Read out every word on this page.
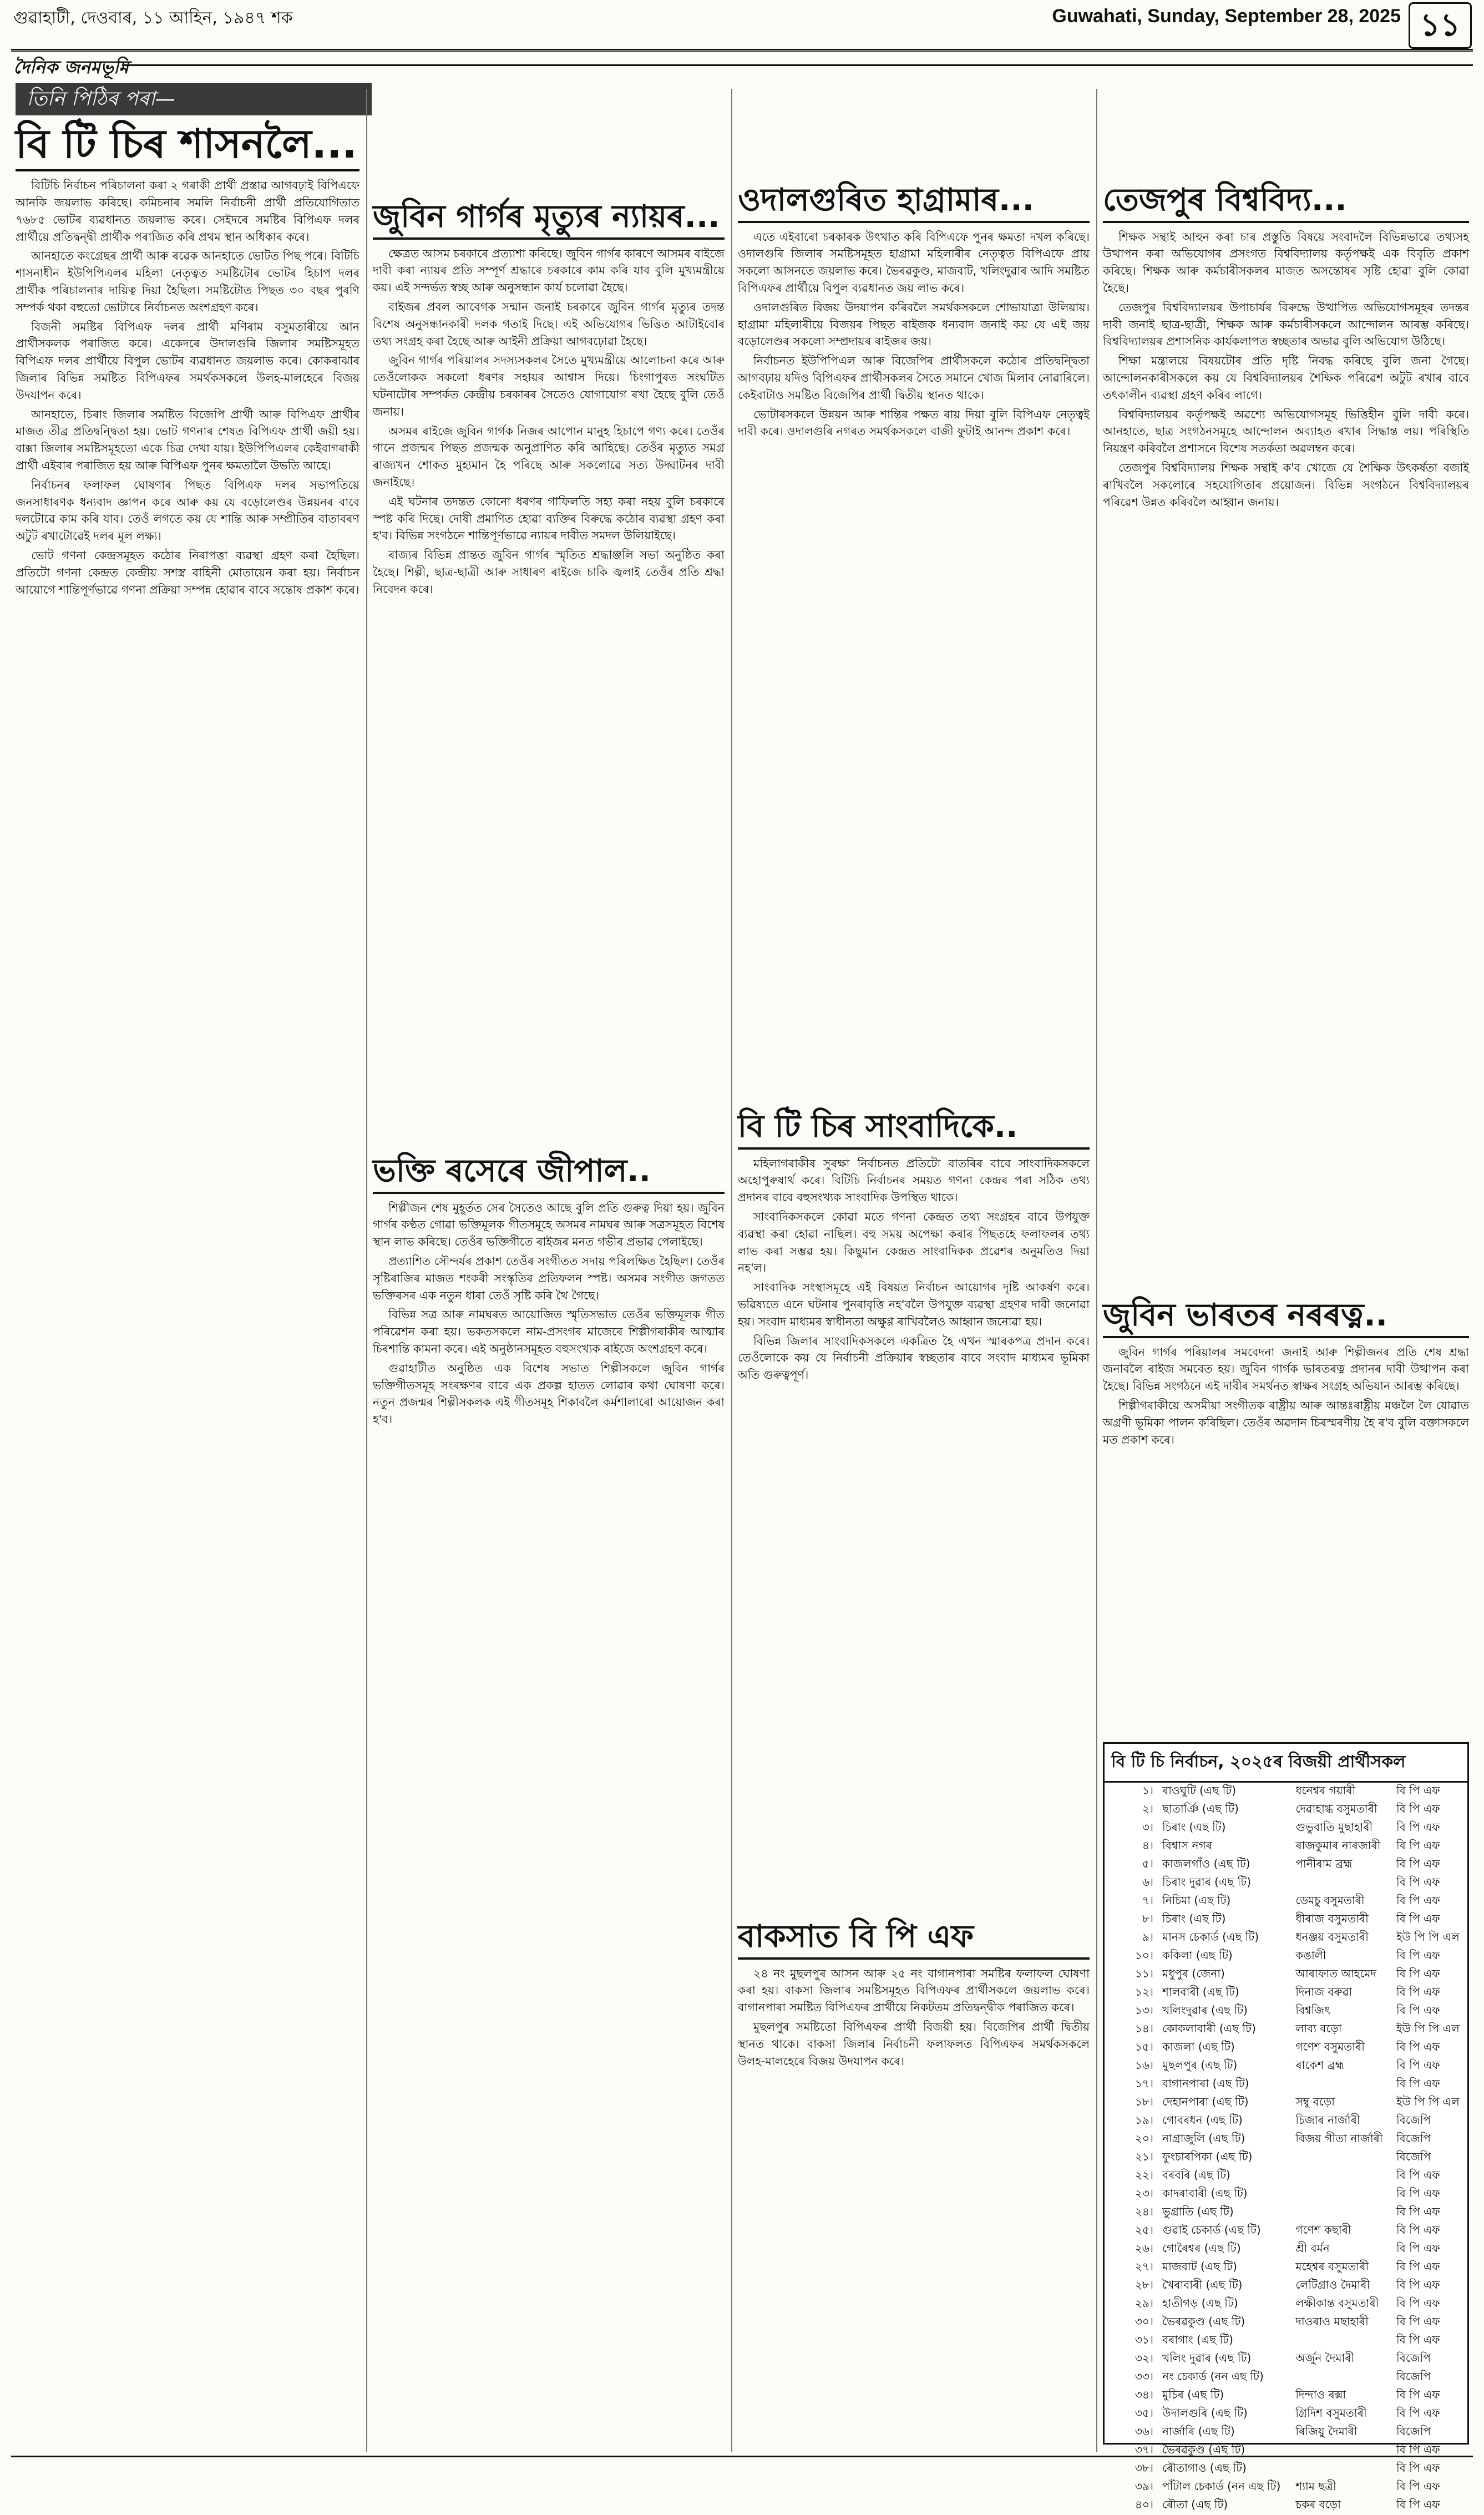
গুৱাহাটী, দেওবাৰ, ১১ আহিন, ১৯৪৭ শক	Guwahati, Sunday, September 28, 2025 ১১
দৈনিক জনমভূমি
তিনি পিঠিৰ পৰা—
বি টি চিৰ শাসনলৈ...

বিটিচি নিৰ্বাচন পৰিচালনা কৰা ২ গৰাকী প্ৰাৰ্থী প্ৰস্তাৱ আগবঢ়াই বিপিএফে আনকি জয়লাভ কৰিছে। কমিচনাৰ সমলি নিৰ্বাচনী প্ৰাৰ্থী প্ৰতিযোগিতাত ৭৬৮৫ ভোটৰ ব্যৱধানত জয়লাভ কৰে। সেইদৰে সমষ্টিৰ বিপিএফ দলৰ প্ৰাৰ্থীয়ে প্ৰতিদ্বন্দ্বী প্ৰাৰ্থীক পৰাজিত কৰি প্ৰথম স্থান অধিকাৰ কৰে।

আনহাতে কংগ্ৰেছৰ প্ৰাৰ্থী আৰু ৰৱেক আনহাতে ভোটত পিছ পৰে। বিটিচি শাসনাধীন ইউপিপিএলৰ মহিলা নেতৃত্বত সমষ্টিটোৰ ভোটৰ হিচাপ দলৰ প্ৰাৰ্থীক পৰিচালনাৰ দায়িত্ব দিয়া হৈছিল। সমষ্টিটোত পিছত ৩০ বছৰ পুৰণি সম্পৰ্ক থকা বহুতো ভোটাৰে নিৰ্বাচনত অংশগ্ৰহণ কৰে।

বিজনী সমষ্টিৰ বিপিএফ দলৰ প্ৰাৰ্থী মণিৰাম বসুমতাৰীয়ে আন প্ৰাৰ্থীসকলক পৰাজিত কৰে। একেদৰে উদালগুৰি জিলাৰ সমষ্টিসমূহত বিপিএফ দলৰ প্ৰাৰ্থীয়ে বিপুল ভোটৰ ব্যৱধানত জয়লাভ কৰে। কোকৰাঝাৰ জিলাৰ বিভিন্ন সমষ্টিত বিপিএফৰ সমৰ্থকসকলে উলহ-মালহেৰে বিজয় উদযাপন কৰে।

আনহাতে, চিৰাং জিলাৰ সমষ্টিত বিজেপি প্ৰাৰ্থী আৰু বিপিএফ প্ৰাৰ্থীৰ মাজত তীব্ৰ প্ৰতিদ্বন্দ্বিতা হয়। ভোট গণনাৰ শেষত বিপিএফ প্ৰাৰ্থী জয়ী হয়। বাক্সা জিলাৰ সমষ্টিসমূহতো একে চিত্ৰ দেখা যায়। ইউপিপিএলৰ কেইবাগৰাকী প্ৰাৰ্থী এইবাৰ পৰাজিত হয় আৰু বিপিএফ পুনৰ ক্ষমতালৈ উভতি আহে।

নিৰ্বাচনৰ ফলাফল ঘোষণাৰ পিছত বিপিএফ দলৰ সভাপতিয়ে জনসাধাৰণক ধন্যবাদ জ্ঞাপন কৰে আৰু কয় যে বড়োলেণ্ডৰ উন্নয়নৰ বাবে দলটোৱে কাম কৰি যাব। তেওঁ লগতে কয় যে শান্তি আৰু সম্প্ৰীতিৰ বাতাবৰণ অটুট ৰখাটোৱেই দলৰ মূল লক্ষ্য।

ভোট গণনা কেন্দ্ৰসমূহত কঠোৰ নিৰাপত্তা ব্যৱস্থা গ্ৰহণ কৰা হৈছিল। প্ৰতিটো গণনা কেন্দ্ৰত কেন্দ্ৰীয় সশস্ত্ৰ বাহিনী মোতায়েন কৰা হয়। নিৰ্বাচন আয়োগে শান্তিপূৰ্ণভাৱে গণনা প্ৰক্ৰিয়া সম্পন্ন হোৱাৰ বাবে সন্তোষ প্ৰকাশ কৰে।

জুবিন গাৰ্গৰ মৃত্যুৰ ন্যায়ৰ...

ক্ষেত্ৰত আসম চৰকাৰে প্ৰত্যাশা কৰিছে। জুবিন গাৰ্গৰ কাৰণে আসমৰ বাইজে দাবী কৰা ন্যায়ৰ প্ৰতি সম্পূৰ্ণ শ্ৰদ্ধাৰে চৰকাৰে কাম কৰি যাব বুলি মুখ্যমন্ত্ৰীয়ে কয়। এই সন্দৰ্ভত স্বচ্ছ আৰু অনুসন্ধান কাৰ্য চলোৱা হৈছে।

বাইজৰ প্ৰবল আবেগক সন্মান জনাই চৰকাৰে জুবিন গাৰ্গৰ মৃত্যুৰ তদন্ত বিশেষ অনুসন্ধানকাৰী দলক গতাই দিছে। এই অভিযোগৰ ভিত্তিত আটাইবোৰ তথ্য সংগ্ৰহ কৰা হৈছে আৰু আইনী প্ৰক্ৰিয়া আগবঢ়োৱা হৈছে।

জুবিন গাৰ্গৰ পৰিয়ালৰ সদস্যসকলৰ সৈতে মুখ্যমন্ত্ৰীয়ে আলোচনা কৰে আৰু তেওঁলোকক সকলো ধৰণৰ সহায়ৰ আশ্বাস দিয়ে। চিংগাপুৰত সংঘটিত ঘটনাটোৰ সম্পৰ্কত কেন্দ্ৰীয় চৰকাৰৰ সৈতেও যোগাযোগ ৰখা হৈছে বুলি তেওঁ জনায়।

অসমৰ ৰাইজে জুবিন গাৰ্গক নিজৰ আপোন মানুহ হিচাপে গণ্য কৰে। তেওঁৰ গানে প্ৰজন্মৰ পিছত প্ৰজন্মক অনুপ্ৰাণিত কৰি আহিছে। তেওঁৰ মৃত্যুত সমগ্ৰ ৰাজ্যখন শোকত মুহ্যমান হৈ পৰিছে আৰু সকলোৱে সত্য উদ্ঘাটনৰ দাবী জনাইছে।

এই ঘটনাৰ তদন্তত কোনো ধৰণৰ গাফিলতি সহ্য কৰা নহয় বুলি চৰকাৰে স্পষ্ট কৰি দিছে। দোষী প্ৰমাণিত হোৱা ব্যক্তিৰ বিৰুদ্ধে কঠোৰ ব্যৱস্থা গ্ৰহণ কৰা হ'ব। বিভিন্ন সংগঠনে শান্তিপূৰ্ণভাৱে ন্যায়ৰ দাবীত সমদল উলিয়াইছে।

ৰাজ্যৰ বিভিন্ন প্ৰান্তত জুবিন গাৰ্গৰ স্মৃতিত শ্ৰদ্ধাঞ্জলি সভা অনুষ্ঠিত কৰা হৈছে। শিল্পী, ছাত্ৰ-ছাত্ৰী আৰু সাধাৰণ ৰাইজে চাকি জ্বলাই তেওঁৰ প্ৰতি শ্ৰদ্ধা নিবেদন কৰে।

ভক্তি ৰসেৰে জীপাল..

শিল্পীজন শেষ মুহূৰ্তত সেৰ সৈতেও আছে বুলি প্ৰতি গুৰুত্ব দিয়া হয়। জুবিন গাৰ্গৰ কণ্ঠত গোৱা ভক্তিমূলক গীতসমূহে অসমৰ নামঘৰ আৰু সত্ৰসমূহত বিশেষ স্থান লাভ কৰিছে। তেওঁৰ ভক্তিগীতে ৰাইজৰ মনত গভীৰ প্ৰভাৱ পেলাইছে।

প্ৰত্যাশিত সৌন্দৰ্যৰ প্ৰকাশ তেওঁৰ সংগীতত সদায় পৰিলক্ষিত হৈছিল। তেওঁৰ সৃষ্টিৰাজিৰ মাজত শংকৰী সংস্কৃতিৰ প্ৰতিফলন স্পষ্ট। অসমৰ সংগীত জগতত ভক্তিৰসৰ এক নতুন ধাৰা তেওঁ সৃষ্টি কৰি থৈ গৈছে।

বিভিন্ন সত্ৰ আৰু নামঘৰত আয়োজিত স্মৃতিসভাত তেওঁৰ ভক্তিমূলক গীত পৰিৱেশন কৰা হয়। ভকতসকলে নাম-প্ৰসংগৰ মাজেৰে শিল্পীগৰাকীৰ আত্মাৰ চিৰশান্তি কামনা কৰে। এই অনুষ্ঠানসমূহত বহুসংখ্যক ৰাইজে অংশগ্ৰহণ কৰে।

গুৱাহাটীত অনুষ্ঠিত এক বিশেষ সভাত শিল্পীসকলে জুবিন গাৰ্গৰ ভক্তিগীতসমূহ সংৰক্ষণৰ বাবে এক প্ৰকল্প হাতত লোৱাৰ কথা ঘোষণা কৰে। নতুন প্ৰজন্মৰ শিল্পীসকলক এই গীতসমূহ শিকাবলৈ কৰ্মশালাৰো আয়োজন কৰা হ'ব।

ওদালগুৰিত হাগ্ৰামাৰ...

এতে এইবাৰো চৰকাৰক উৎখাত কৰি বিপিএফে পুনৰ ক্ষমতা দখল কৰিছে। ওদালগুৰি জিলাৰ সমষ্টিসমূহত হাগ্ৰামা মহিলাৰীৰ নেতৃত্বত বিপিএফে প্ৰায় সকলো আসনতে জয়লাভ কৰে। ভৈৰৱকুণ্ড, মাজবাট, খলিংদুৱাৰ আদি সমষ্টিত বিপিএফৰ প্ৰাৰ্থীয়ে বিপুল ব্যৱধানত জয় লাভ কৰে।

ওদালগুৰিত বিজয় উদযাপন কৰিবলৈ সমৰ্থকসকলে শোভাযাত্ৰা উলিয়ায়। হাগ্ৰামা মহিলাৰীয়ে বিজয়ৰ পিছত ৰাইজক ধন্যবাদ জনাই কয় যে এই জয় বড়োলেণ্ডৰ সকলো সম্প্ৰদায়ৰ ৰাইজৰ জয়।

নিৰ্বাচনত ইউপিপিএল আৰু বিজেপিৰ প্ৰাৰ্থীসকলে কঠোৰ প্ৰতিদ্বন্দ্বিতা আগবঢ়ায় যদিও বিপিএফৰ প্ৰাৰ্থীসকলৰ সৈতে সমানে খোজ মিলাব নোৱাৰিলে। কেইবাটাও সমষ্টিত বিজেপিৰ প্ৰাৰ্থী দ্বিতীয় স্থানত থাকে।

ভোটাৰসকলে উন্নয়ন আৰু শান্তিৰ পক্ষত ৰায় দিয়া বুলি বিপিএফ নেতৃত্বই দাবী কৰে। ওদালগুৰি নগৰত সমৰ্থকসকলে বাজী ফুটাই আনন্দ প্ৰকাশ কৰে।

বি টি চিৰ সাংবাদিকে..

মহিলাগৰাকীৰ সুৰক্ষা নিৰ্বাচনত প্ৰতিটো বাতৰিৰ বাবে সাংবাদিকসকলে অহোপুৰুষাৰ্থ কৰে। বিটিচি নিৰ্বাচনৰ সময়ত গণনা কেন্দ্ৰৰ পৰা সঠিক তথ্য প্ৰদানৰ বাবে বহুসংখ্যক সাংবাদিক উপস্থিত থাকে।

সাংবাদিকসকলে কোৱা মতে গণনা কেন্দ্ৰত তথ্য সংগ্ৰহৰ বাবে উপযুক্ত ব্যৱস্থা কৰা হোৱা নাছিল। বহু সময় অপেক্ষা কৰাৰ পিছতহে ফলাফলৰ তথ্য লাভ কৰা সম্ভৱ হয়। কিছুমান কেন্দ্ৰত সাংবাদিকক প্ৰৱেশৰ অনুমতিও দিয়া নহ'ল।

সাংবাদিক সংস্থাসমূহে এই বিষয়ত নিৰ্বাচন আয়োগৰ দৃষ্টি আকৰ্ষণ কৰে। ভৱিষ্যতে এনে ঘটনাৰ পুনৰাবৃত্তি নহ'বলৈ উপযুক্ত ব্যৱস্থা গ্ৰহণৰ দাবী জনোৱা হয়। সংবাদ মাধ্যমৰ স্বাধীনতা অক্ষুণ্ণ ৰাখিবলৈও আহ্বান জনোৱা হয়।

বিভিন্ন জিলাৰ সাংবাদিকসকলে একত্ৰিত হৈ এখন স্মাৰকপত্ৰ প্ৰদান কৰে। তেওঁলোকে কয় যে নিৰ্বাচনী প্ৰক্ৰিয়াৰ স্বচ্ছতাৰ বাবে সংবাদ মাধ্যমৰ ভূমিকা অতি গুৰুত্বপূৰ্ণ।

বাকসাত বি পি এফ

২৪ নং মুছলপুৰ আসন আৰু ২৫ নং বাগানপাৰা সমষ্টিৰ ফলাফল ঘোষণা কৰা হয়। বাকসা জিলাৰ সমষ্টিসমূহত বিপিএফৰ প্ৰাৰ্থীসকলে জয়লাভ কৰে। বাগানপাৰা সমষ্টিত বিপিএফৰ প্ৰাৰ্থীয়ে নিকটতম প্ৰতিদ্বন্দ্বীক পৰাজিত কৰে।

মুছলপুৰ সমষ্টিতো বিপিএফৰ প্ৰাৰ্থী বিজয়ী হয়। বিজেপিৰ প্ৰাৰ্থী দ্বিতীয় স্থানত থাকে। বাকসা জিলাৰ নিৰ্বাচনী ফলাফলত বিপিএফৰ সমৰ্থকসকলে উলহ-মালহেৰে বিজয় উদযাপন কৰে।

তেজপুৰ বিশ্ববিদ্য...

শিক্ষক সন্থাই আহুন কৰা চাৰ প্ৰস্তুতি বিষয়ে সংবাদলৈ বিভিন্নভাৱে তথ্যসহ উত্থাপন কৰা অভিযোগৰ প্ৰসংগত বিশ্ববিদ্যালয় কৰ্তৃপক্ষই এক বিবৃতি প্ৰকাশ কৰিছে। শিক্ষক আৰু কৰ্মচাৰীসকলৰ মাজত অসন্তোষৰ সৃষ্টি হোৱা বুলি কোৱা হৈছে।

তেজপুৰ বিশ্ববিদ্যালয়ৰ উপাচাৰ্যৰ বিৰুদ্ধে উত্থাপিত অভিযোগসমূহৰ তদন্তৰ দাবী জনাই ছাত্ৰ-ছাত্ৰী, শিক্ষক আৰু কৰ্মচাৰীসকলে আন্দোলন আৰম্ভ কৰিছে। বিশ্ববিদ্যালয়ৰ প্ৰশাসনিক কাৰ্যকলাপত স্বচ্ছতাৰ অভাৱ বুলি অভিযোগ উঠিছে।

শিক্ষা মন্ত্ৰালয়ে বিষয়টোৰ প্ৰতি দৃষ্টি নিবদ্ধ কৰিছে বুলি জনা গৈছে। আন্দোলনকাৰীসকলে কয় যে বিশ্ববিদ্যালয়ৰ শৈক্ষিক পৰিৱেশ অটুট ৰখাৰ বাবে তৎকালীন ব্যৱস্থা গ্ৰহণ কৰিব লাগে।

বিশ্ববিদ্যালয়ৰ কৰ্তৃপক্ষই অৱশ্যে অভিযোগসমূহ ভিত্তিহীন বুলি দাবী কৰে। আনহাতে, ছাত্ৰ সংগঠনসমূহে আন্দোলন অব্যাহত ৰখাৰ সিদ্ধান্ত লয়। পৰিস্থিতি নিয়ন্ত্ৰণ কৰিবলৈ প্ৰশাসনে বিশেষ সতৰ্কতা অৱলম্বন কৰে।

তেজপুৰ বিশ্ববিদ্যালয় শিক্ষক সন্থাই ক'ব খোজে যে শৈক্ষিক উৎকৰ্ষতা বজাই ৰাখিবলৈ সকলোৰে সহযোগিতাৰ প্ৰয়োজন। বিভিন্ন সংগঠনে বিশ্ববিদ্যালয়ৰ পৰিৱেশ উন্নত কৰিবলৈ আহ্বান জনায়।

জুবিন ভাৰতৰ নৰৰত্ন..

জুবিন গাৰ্গৰ পৰিয়ালৰ সমবেদনা জনাই আৰু শিল্পীজনৰ প্ৰতি শেষ শ্ৰদ্ধা জনাবলৈ ৰাইজ সমবেত হয়। জুবিন গাৰ্গক ভাৰতৰত্ন প্ৰদানৰ দাবী উত্থাপন কৰা হৈছে। বিভিন্ন সংগঠনে এই দাবীৰ সমৰ্থনত স্বাক্ষৰ সংগ্ৰহ অভিযান আৰম্ভ কৰিছে।

শিল্পীগৰাকীয়ে অসমীয়া সংগীতক ৰাষ্ট্ৰীয় আৰু আন্তঃৰাষ্ট্ৰীয় মঞ্চলৈ লৈ যোৱাত অগ্ৰণী ভূমিকা পালন কৰিছিল। তেওঁৰ অৱদান চিৰস্মৰণীয় হৈ ৰ'ব বুলি বক্তাসকলে মত প্ৰকাশ কৰে।

বি টি চি নিৰ্বাচন, ২০২৫ৰ বিজয়ী প্ৰাৰ্থীসকল
১।	ৰাওঘুটি (এছ টি)	ধনেশ্বৰ গয়াৰী	বি পি এফ
২।	ছাতাৰ্ঞি (এছ টি)	দেৱাহাগ্ধ বসুমতাৰী	বি পি এফ
৩।	চিৰাং (এছ টি)	গুভুবাতি মুছাহাৰী	বি পি এফ
৪।	বিশ্বাস নগৰ	ৰাজকুমাৰ নাৰজাৰী	বি পি এফ
৫।	কাজলগাঁও (এছ টি)	পানীৰাম ব্ৰহ্ম	বি পি এফ
৬।	চিৰাং দুৱাৰ (এছ টি)		বি পি এফ
৭।	নিচিমা (এছ টি)	ডেমচু বসুমতাৰী	বি পি এফ
৮।	চিৰাং (এছ টি)	ধীৰাজ বসুমতাৰী	বি পি এফ
৯।	মানস চেকাৰ্ড (এছ টি)	ধনঞ্জয় বসুমতাৰী	ইউ পি পি এল
১০।	ককিলা (এছ টি)	কঙালী	বি পি এফ
১১।	মধুপুৰ (জেনা)	আৰাফাত আহমেদ	বি পি এফ
১২।	শালবাৰী (এছ টি)	দিনাজ বৰুৱা	বি পি এফ
১৩।	খলিংদুৱাৰ (এছ টি)	বিশ্বজিৎ	বি পি এফ
১৪।	কোকলাবাৰী (এছ টি)	লাব্য বড়ো	ইউ পি পি এল
১৫।	কাজলা (এছ টি)	গণেশ বসুমতাৰী	বি পি এফ
১৬।	মুছলপুৰ (এছ টি)	ৰাকেশ ব্ৰহ্ম	বি পি এফ
১৭।	বাগানপাৰা (এছ টি)		বি পি এফ
১৮।	দেহানপাৰা (এছ টি)	সম্বু বড়ো	ইউ পি পি এল
১৯।	গোবৰধন (এছ টি)	চিজাৰ নাৰ্জাৰী	বিজেপি
২০।	নাগ্ৰাজুলি (এছ টি)	বিজয় গীতা নাৰ্জাৰী	বিজেপি
২১।	ফুংচাৰপিকা (এছ টি)		বিজেপি
২২।	বৰবৰি (এছ টি)		বি পি এফ
২৩।	কাদৰাবাৰী (এছ টি)		বি পি এফ
২৪।	ভুগ্ৰাতি (এছ টি)		বি পি এফ
২৫।	গুৱাই চেকাৰ্ড (এছ টি)	গণেশ কছাৰী	বি পি এফ
২৬।	গোৰৈশ্বৰ (এছ টি)	শ্ৰী বৰ্মন	বি পি এফ
২৭।	মাজবাট (এছ টি)	মহেশ্বৰ বসুমতাৰী	বি পি এফ
২৮।	খৈৰাবাৰী (এছ টি)	লেটিগ্ৰাও দৈমাৰী	বি পি এফ
২৯।	হাতীগড় (এছ টি)	লক্ষীকান্ত বসুমতাৰী	বি পি এফ
৩০।	ভৈৰৱকুণ্ড (এছ টি)	দাওৰাও মছাহাৰী	বি পি এফ
৩১।	বৰাগাং (এছ টি)		বি পি এফ
৩২।	খলিং দুৱাৰ (এছ টি)	অৰ্জুন দৈমাৰী	বিজেপি
৩৩।	নং চেকাৰ্ড (নন এছ টি)		বিজেপি
৩৪।	মুচিৰ (এছ টি)	দিন্দাও ৰক্সা	বি পি এফ
৩৫।	উদালগুৰি (এছ টি)	গ্ৰিদিশ বসুমতাৰী	বি পি এফ
৩৬।	নাৰ্জাৰি (এছ টি)	ৰিজিয়ু দৈমাৰী	বিজেপি
৩৭।	ভৈৰৱকুণ্ড (এছ টি)		বি পি এফ
৩৮।	ৰৌতাগাও (এছ টি)		বি পি এফ
৩৯।	পাঁটাল চেকাৰ্ড (নন এছ টি)	শ্যাম ছত্ৰী	বি পি এফ
৪০।	ৰৌতা (এছ টি)	চকৰ বড়ো	বি পি এফ
